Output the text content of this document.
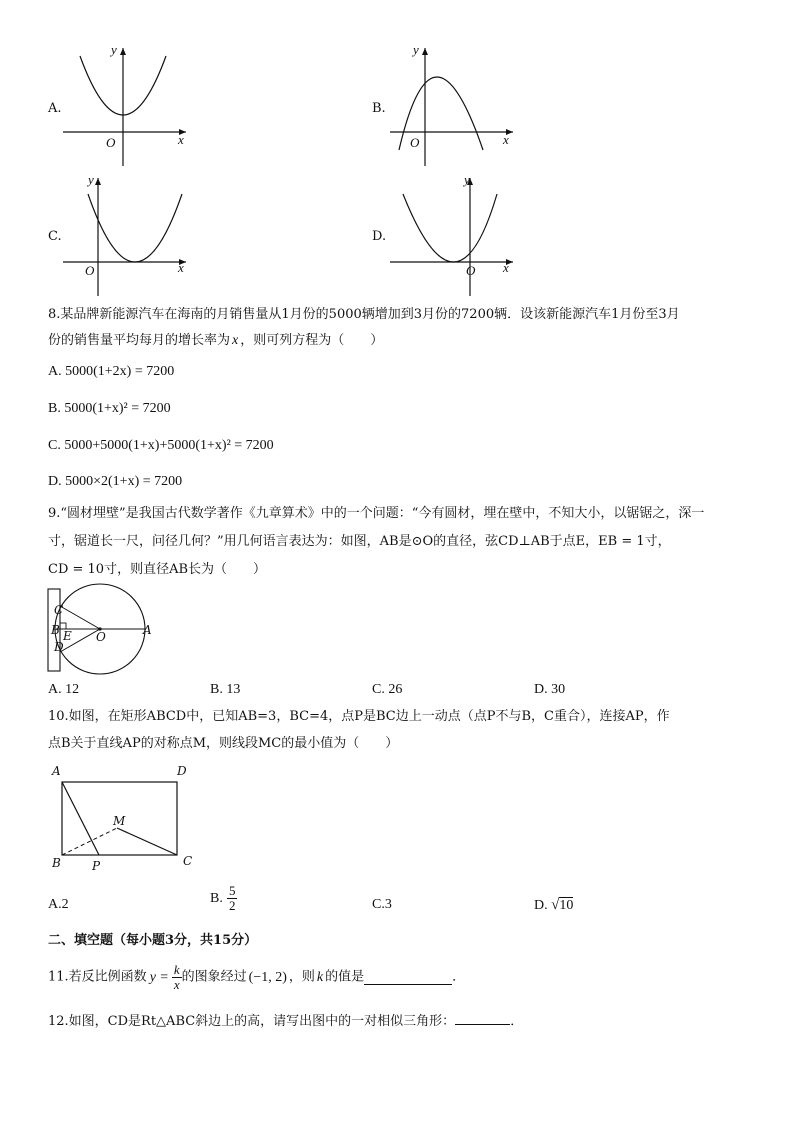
A.
y
O	x
B.
y
O	x
C.
y
O	x
D.
y
O x
8.某品牌新能源汽车在海南的月销售量从1月份的5000辆增加到3月份的7200辆．设该新能源汽车1月份至3月
份的销售量平均每月的增长率为 x ，则可列方程为（　　）
A. 5000(1+2x) = 7200
B. 5000(1+x)² = 7200
C. 5000+5000(1+x)+5000(1+x)² = 7200
D. 5000×2(1+x) = 7200
9.“圆材埋壁”是我国古代数学著作《九章算术》中的一个问题：“今有圆材，埋在壁中，不知大小，以锯锯之，深一
寸，锯道长一尺，问径几何？”用几何语言表达为：如图，AB是⊙O的直径，弦CD⊥AB于点E，EB = 1寸，
CD = 10寸，则直径AB长为（　　）
C
B E
D
O	A
A. 12	B. 13	C. 26	D. 30
10.如图，在矩形ABCD中，已知AB=3，BC=4，点P是BC边上一动点（点P不与B，C重合），连接AP，作
点B关于直线AP的对称点M，则线段MC的最小值为（　　）
A	D
M
B	P	C
A.2	B. $\frac{5}{2}$	C.3	D. √10
二、填空题（每小题3分，共15分）
11.若反比例函数 $y = \frac{k}{x}$ 的图象经过 (−1, 2) ，则 k 的值是	．
12.如图，CD是Rt△ABC斜边上的高，请写出图中的一对相似三角形：	．
